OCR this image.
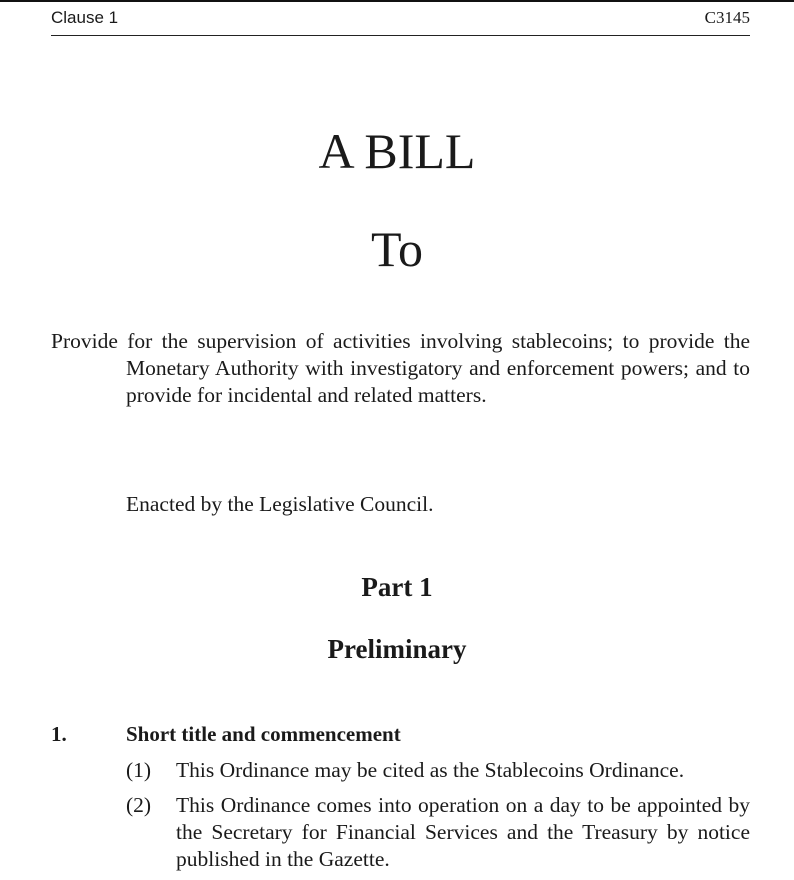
Clause 1	C3145
A BILL
To
Provide for the supervision of activities involving stablecoins; to provide the Monetary Authority with investigatory and enforcement powers; and to provide for incidental and related matters.
Enacted by the Legislative Council.
Part 1
Preliminary
1.	Short title and commencement
(1) This Ordinance may be cited as the Stablecoins Ordinance.
(2) This Ordinance comes into operation on a day to be appointed by the Secretary for Financial Services and the Treasury by notice published in the Gazette.
